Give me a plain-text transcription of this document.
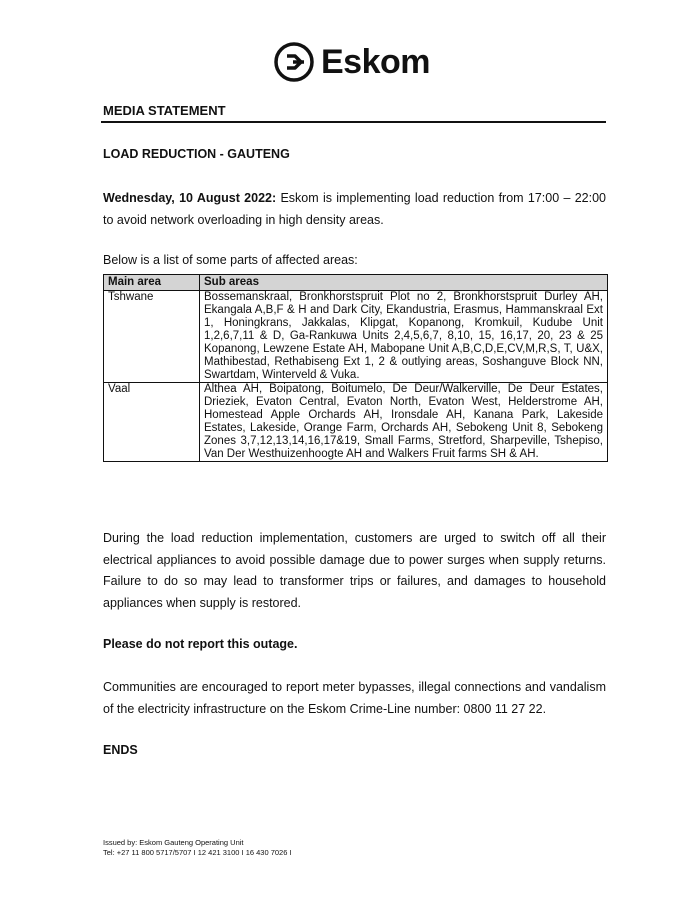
Eskom
MEDIA STATEMENT
LOAD REDUCTION - GAUTENG
Wednesday, 10 August 2022: Eskom is implementing load reduction from 17:00 – 22:00 to avoid network overloading in high density areas.
Below is a list of some parts of affected areas:
Main area	Sub areas
Tshwane	Bossemanskraal, Bronkhorstspruit Plot no 2, Bronkhorstspruit Durley AH, Ekangala A,B,F & H and Dark City, Ekandustria, Erasmus, Hammanskraal Ext 1, Honingkrans, Jakkalas, Klipgat, Kopanong, Kromkuil, Kudube Unit 1,2,6,7,11 & D, Ga-Rankuwa Units 2,4,5,6,7, 8,10, 15, 16,17, 20, 23 & 25 Kopanong, Lewzene Estate AH, Mabopane Unit A,B,C,D,E,CV,M,R,S, T, U&X, Mathibestad, Rethabiseng Ext 1, 2 & outlying areas, Soshanguve Block NN, Swartdam, Winterveld & Vuka.
Vaal	Althea AH, Boipatong, Boitumelo, De Deur/Walkerville, De Deur Estates, Drieziek, Evaton Central, Evaton North, Evaton West, Helderstrome AH, Homestead Apple Orchards AH, Ironsdale AH, Kanana Park, Lakeside Estates, Lakeside, Orange Farm, Orchards AH, Sebokeng Unit 8, Sebokeng Zones 3,7,12,13,14,16,17&19, Small Farms, Stretford, Sharpeville, Tshepiso, Van Der Westhuizenhoogte AH and Walkers Fruit farms SH & AH.
During the load reduction implementation, customers are urged to switch off all their electrical appliances to avoid possible damage due to power surges when supply returns. Failure to do so may lead to transformer trips or failures, and damages to household appliances when supply is restored.
Please do not report this outage.
Communities are encouraged to report meter bypasses, illegal connections and vandalism of the electricity infrastructure on the Eskom Crime-Line number: 0800 11 27 22.
ENDS
Issued by: Eskom Gauteng Operating Unit
Tel: +27 11 800 5717/5707 I 12 421 3100 I 16 430 7026 I
